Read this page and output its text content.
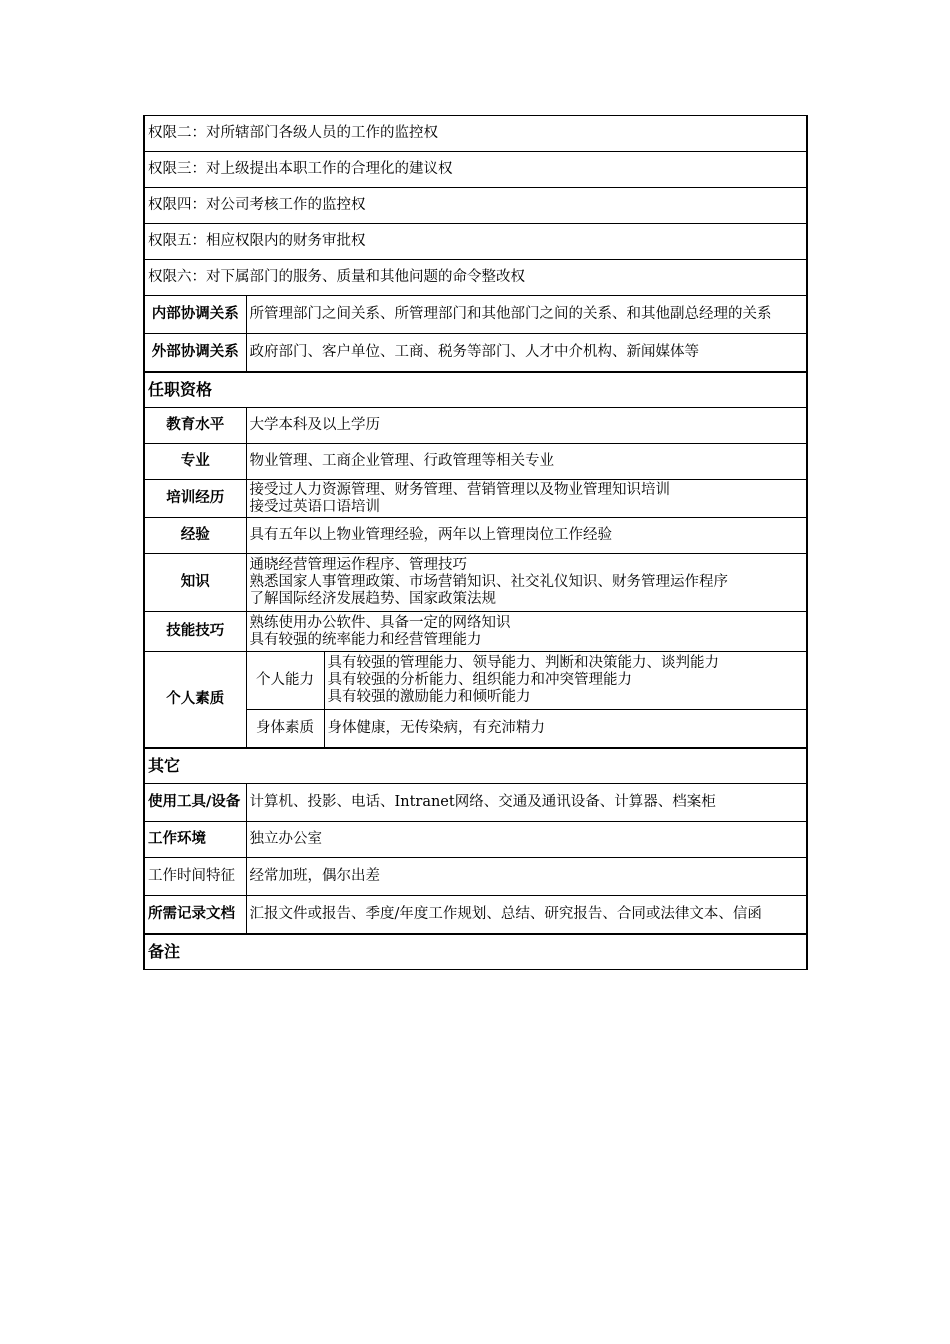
权限二：对所辖部门各级人员的工作的监控权		
权限三：对上级提出本职工作的合理化的建议权		
权限四：对公司考核工作的监控权		
权限五：相应权限内的财务审批权		
权限六：对下属部门的服务、质量和其他问题的命令整改权		
内部协调关系	所管理部门之间关系、所管理部门和其他部门之间的关系、和其他副总经理的关系	
外部协调关系	政府部门、客户单位、工商、税务等部门、人才中介机构、新闻媒体等	
任职资格		
教育水平	大学本科及以上学历	
专业	物业管理、工商企业管理、行政管理等相关专业	
培训经历	接受过人力资源管理、财务管理、营销管理以及物业管理知识培训
接受过英语口语培训	

经验	具有五年以上物业管理经验，两年以上管理岗位工作经验	
知识	通晓经营管理运作程序、管理技巧
熟悉国家人事管理政策、市场营销知识、社交礼仪知识、财务管理运作程序
了解国际经济发展趋势、国家政策法规	

技能技巧	熟练使用办公软件、具备一定的网络知识
具有较强的统率能力和经营管理能力	

个人素质	个人能力	具有较强的管理能力、领导能力、判断和决策能力、谈判能力
具有较强的分析能力、组织能力和冲突管理能力
具有较强的激励能力和倾听能力

	身体素质	身体健康，无传染病，有充沛精力
其它		
使用工具/设备	计算机、投影、电话、Intranet网络、交通及通讯设备、计算器、档案柜	
工作环境	独立办公室	
工作时间特征	经常加班，偶尔出差	
所需记录文档	汇报文件或报告、季度/年度工作规划、总结、研究报告、合同或法律文本、信函	
备注		
